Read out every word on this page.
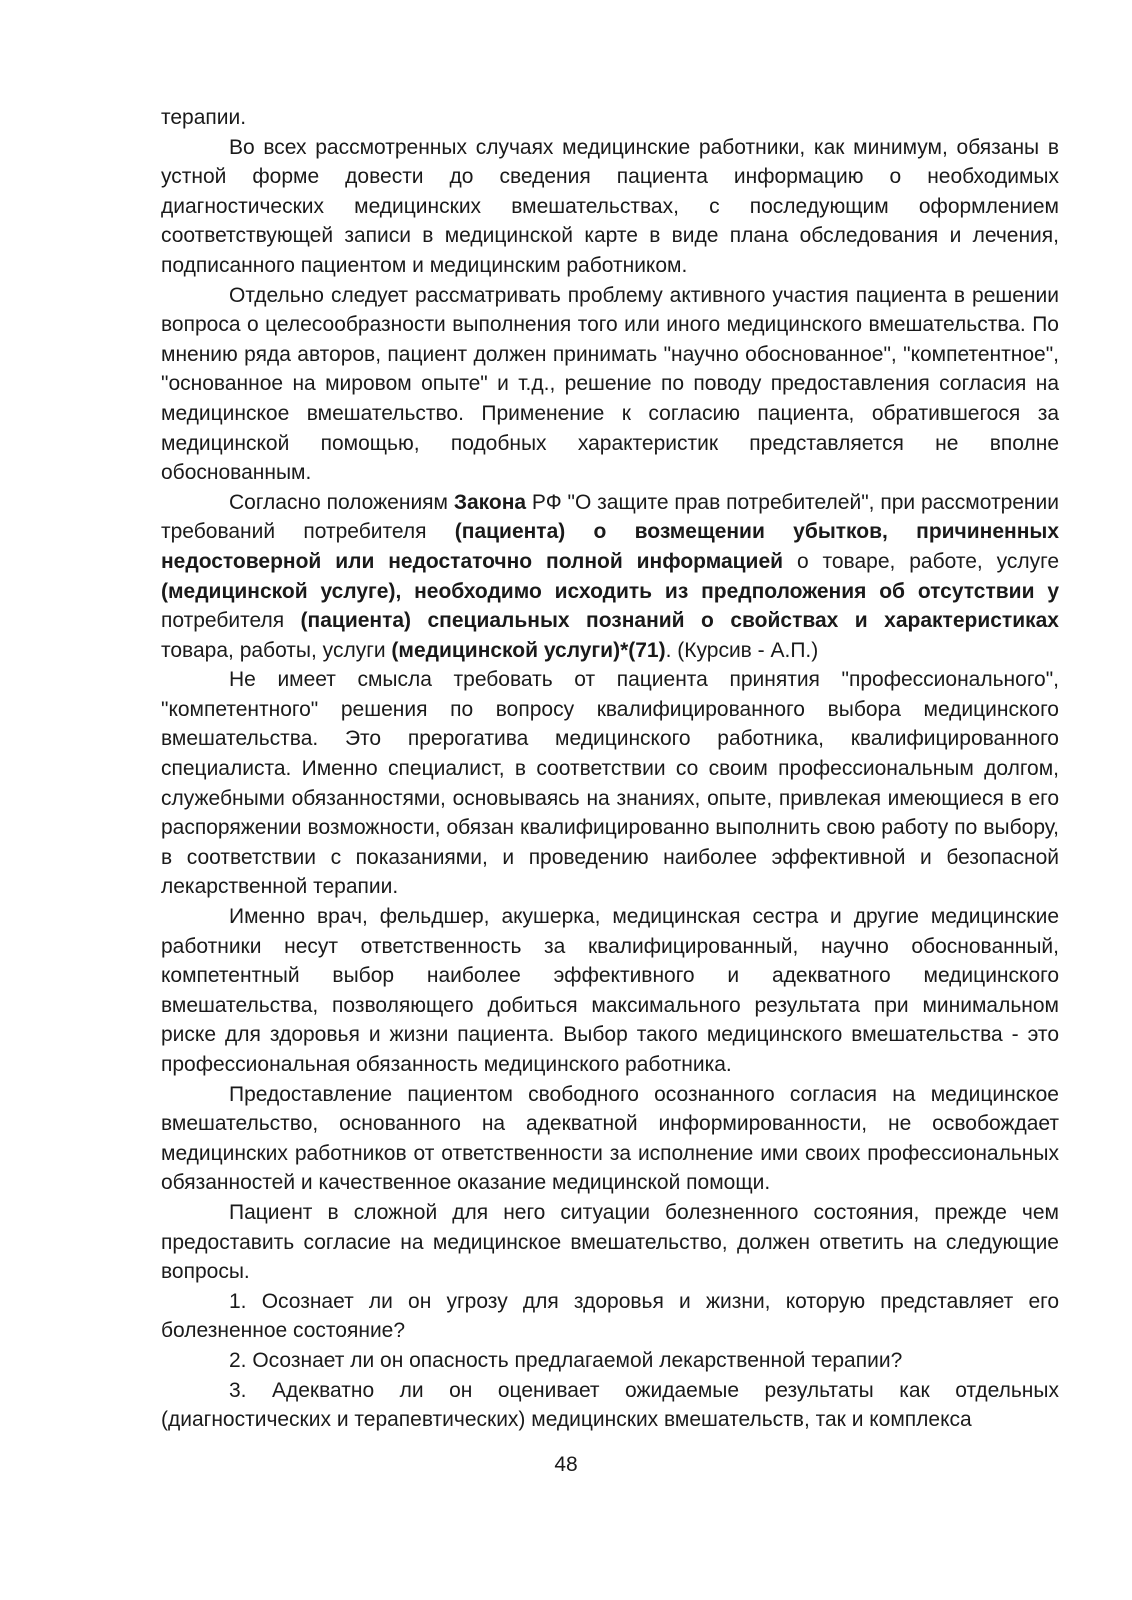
терапии.

Во всех рассмотренных случаях медицинские работники, как минимум, обязаны в устной форме довести до сведения пациента информацию о необходимых диагностических медицинских вмешательствах, с последующим оформлением соответствующей записи в медицинской карте в виде плана обследования и лечения, подписанного пациентом и медицинским работником.

Отдельно следует рассматривать проблему активного участия пациента в решении вопроса о целесообразности выполнения того или иного медицинского вмешательства. По мнению ряда авторов, пациент должен принимать "научно обоснованное", "компетентное", "основанное на мировом опыте" и т.д., решение по поводу предоставления согласия на медицинское вмешательство. Применение к согласию пациента, обратившегося за медицинской помощью, подобных характеристик представляется не вполне обоснованным.

Согласно положениям Закона РФ "О защите прав потребителей", при рассмотрении требований потребителя (пациента) о возмещении убытков, причиненных недостоверной или недостаточно полной информацией о товаре, работе, услуге (медицинской услуге), необходимо исходить из предположения об отсутствии у потребителя (пациента) специальных познаний о свойствах и характеристиках товара, работы, услуги (медицинской услуги)*(71). (Курсив - А.П.)

Не имеет смысла требовать от пациента принятия "профессионального", "компетентного" решения по вопросу квалифицированного выбора медицинского вмешательства. Это прерогатива медицинского работника, квалифицированного специалиста. Именно специалист, в соответствии со своим профессиональным долгом, служебными обязанностями, основываясь на знаниях, опыте, привлекая имеющиеся в его распоряжении возможности, обязан квалифицированно выполнить свою работу по выбору, в соответствии с показаниями, и проведению наиболее эффективной и безопасной лекарственной терапии.

Именно врач, фельдшер, акушерка, медицинская сестра и другие медицинские работники несут ответственность за квалифицированный, научно обоснованный, компетентный выбор наиболее эффективного и адекватного медицинского вмешательства, позволяющего добиться максимального результата при минимальном риске для здоровья и жизни пациента. Выбор такого медицинского вмешательства - это профессиональная обязанность медицинского работника.

Предоставление пациентом свободного осознанного согласия на медицинское вмешательство, основанного на адекватной информированности, не освобождает медицинских работников от ответственности за исполнение ими своих профессиональных обязанностей и качественное оказание медицинской помощи.

Пациент в сложной для него ситуации болезненного состояния, прежде чем предоставить согласие на медицинское вмешательство, должен ответить на следующие вопросы.

1. Осознает ли он угрозу для здоровья и жизни, которую представляет его болезненное состояние?

2. Осознает ли он опасность предлагаемой лекарственной терапии?

3. Адекватно ли он оценивает ожидаемые результаты как отдельных (диагностических и терапевтических) медицинских вмешательств, так и комплекса

48
